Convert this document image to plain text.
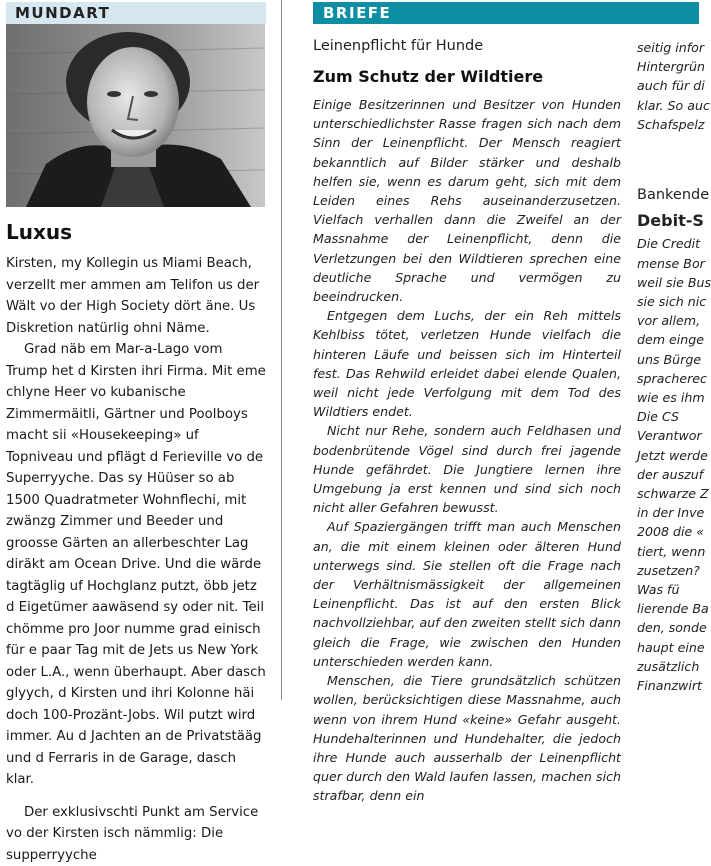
MUNDART
Luxus

Kirsten, my Kollegin us Miami Beach, verzellt mer ammen am Telifon us der Wält vo der High Society dört äne. Us Diskretion natürlig ohni Näme.

Grad näb em Mar-a-Lago vom Trump het d Kirsten ihri Firma. Mit eme chlyne Heer vo kubanische Zimmermäitli, Gärtner und Poolboys macht sii «Housekeeping» uf Topniveau und pflägt d Ferieville vo de Superryyche. Das sy Hüüser so ab 1500 Quadratmeter Wohnflechi, mit zwänzg Zimmer und Beeder und groosse Gärten an allerbeschter Lag diräkt am Ocean Drive. Und die wärde tagtäglig uf Hochglanz putzt, öbb jetz d Eigetümer aawäsend sy oder nit. Teil chömme pro Joor numme grad einisch für e paar Tag mit de Jets us New York oder L.A., wenn überhaupt. Aber dasch glyych, d Kirsten und ihri Kolonne häi doch 100-Prozänt-Jobs. Wil putzt wird immer. Au d Jachten an de Privatstääg und d Ferraris in de Garage, dasch klar.

Der exklusivschti Punkt am Service vo der Kirsten isch nämmlig: Die supperryyche

BRIEFE
Leinenpflicht für Hunde
Zum Schutz der Wildtiere

Einige Besitzerinnen und Besitzer von Hunden unterschiedlichster Rasse fragen sich nach dem Sinn der Leinenpflicht. Der Mensch reagiert bekanntlich auf Bilder stärker und deshalb helfen sie, wenn es darum geht, sich mit dem Leiden eines Rehs auseinanderzusetzen. Vielfach verhallen dann die Zweifel an der Massnahme der Leinenpflicht, denn die Verletzungen bei den Wildtieren sprechen eine deutliche Sprache und vermögen zu beeindrucken.

Entgegen dem Luchs, der ein Reh mittels Kehlbiss tötet, verletzen Hunde vielfach die hinteren Läufe und beissen sich im Hinterteil fest. Das Rehwild erleidet dabei elende Qualen, weil nicht jede Verfolgung mit dem Tod des Wildtiers endet.

Nicht nur Rehe, sondern auch Feldhasen und bodenbrütende Vögel sind durch frei jagende Hunde gefährdet. Die Jungtiere lernen ihre Umgebung ja erst kennen und sind sich noch nicht aller Gefahren bewusst.

Auf Spaziergängen trifft man auch Menschen an, die mit einem kleinen oder älteren Hund unterwegs sind. Sie stellen oft die Frage nach der Verhältnismässigkeit der allgemeinen Leinenpflicht. Das ist auf den ersten Blick nachvollziehbar, auf den zweiten stellt sich dann gleich die Frage, wie zwischen den Hunden unterschieden werden kann.

Menschen, die Tiere grundsätzlich schützen wollen, berücksichtigen diese Massnahme, auch wenn von ihrem Hund «keine» Gefahr ausgeht. Hundehalterinnen und Hundehalter, die jedoch ihre Hunde auch ausserhalb der Leinenpflicht quer durch den Wald laufen lassen, machen sich strafbar, denn ein

seitig infor
Hintergrün
auch für di
klar. So auc
Schafspelz
Bankende
Debit-S
Die Credit
mense Bor
weil sie Bus
sie sich nic
vor allem,
dem einge
uns Bürge
spracherec
wie es ihm
Die CS
Verantwor
Jetzt werde
der auszuf
schwarze Z
in der Inve
2008 die «
tiert, wenn
zusetzen?
Was fü
lierende Ba
den, sonde
haupt eine
zusätzlich
Finanzwirt
